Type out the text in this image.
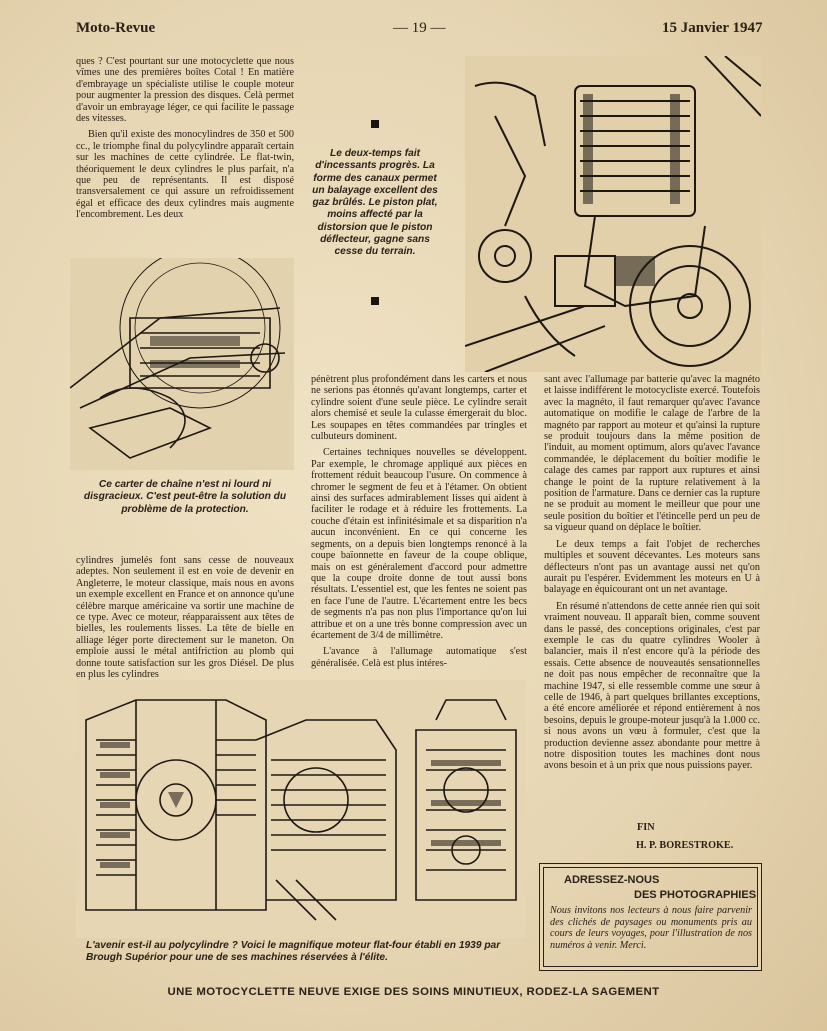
Moto-Revue	— 19 —	15 Janvier 1947

ques ? C'est pourtant sur une motocyclette que nous vîmes une des premières boîtes Cotal ! En matière d'embrayage un spécialiste utilise le couple moteur pour augmenter la pression des disques. Celà permet d'avoir un embrayage léger, ce qui facilite le passage des vitesses.

Bien qu'il existe des monocylindres de 350 et 500 cc., le triomphe final du polycylindre apparaît certain sur les machines de cette cylindrée. Le flat-twin, théoriquement le deux cylindres le plus parfait, n'a que peu de représentants. Il est disposé transversalement ce qui assure un refroidissement égal et efficace des deux cylindres mais augmente l'encombrement. Les deux

Le deux-temps fait d'incessants progrès. La forme des canaux permet un balayage excellent des gaz brûlés. Le piston plat, moins affecté par la distorsion que le piston déflecteur, gagne sans cesse du terrain.
Ce carter de chaîne n'est ni lourd ni disgracieux. C'est peut-être la solution du problème de la protection.

cylindres jumelés font sans cesse de nouveaux adeptes. Non seulement il est en voie de devenir en Angleterre, le moteur classique, mais nous en avons un exemple excellent en France et on annonce qu'une célèbre marque américaine va sortir une machine de ce type. Avec ce moteur, réapparaissent aux têtes de bielles, les roulements lisses. La tête de bielle en alliage léger porte directement sur le maneton. On emploie aussi le métal antifriction au plomb qui donne toute satisfaction sur les gros Diésel. De plus en plus les cylindres

pénètrent plus profondément dans les carters et nous ne serions pas étonnés qu'avant longtemps, carter et cylindre soient d'une seule pièce. Le cylindre serait alors chemisé et seule la culasse émergerait du bloc. Les soupapes en têtes commandées par tringles et culbuteurs dominent.

Certaines techniques nouvelles se développent. Par exemple, le chromage appliqué aux pièces en frottement réduit beaucoup l'usure. On commence à chromer le segment de feu et à l'étamer. On obtient ainsi des surfaces admirablement lisses qui aident à faciliter le rodage et à réduire les frottements. La couche d'étain est infinitésimale et sa disparition n'a aucun inconvénient. En ce qui concerne les segments, on a depuis bien longtemps renoncé à la coupe baïonnette en faveur de la coupe oblique, mais on est généralement d'accord pour admettre que la coupe droite donne de tout aussi bons résultats. L'essentiel est, que les fentes ne soient pas en face l'une de l'autre. L'écartement entre les becs de segments n'a pas non plus l'importance qu'on lui attribue et on a une très bonne compression avec un écartement de 3/4 de millimètre.

L'avance à l'allumage automatique s'est généralisée. Celà est plus intéres-

sant avec l'allumage par batterie qu'avec la magnéto et laisse indifférent le motocycliste exercé. Toutefois avec la magnéto, il faut remarquer qu'avec l'avance automatique on modifie le calage de l'arbre de la magnéto par rapport au moteur et qu'ainsi la rupture se produit toujours dans la même position de l'induit, au moment optimum, alors qu'avec l'avance commandée, le déplacement du boîtier modifie le calage des cames par rapport aux ruptures et ainsi change le point de la rupture relativement à la position de l'armature. Dans ce dernier cas la rupture ne se produit au moment le meilleur que pour une seule position du boîtier et l'étincelle perd un peu de sa vigueur quand on déplace le boîtier.

Le deux temps a fait l'objet de recherches multiples et souvent décevantes. Les moteurs sans déflecteurs n'ont pas un avantage aussi net qu'on aurait pu l'espérer. Evidemment les moteurs en U à balayage en équicourant ont un net avantage.

En résumé n'attendons de cette année rien qui soit vraiment nouveau. Il apparaît bien, comme souvent dans le passé, des conceptions originales, c'est par exemple le cas du quatre cylindres Wooler à balancier, mais il n'est encore qu'à la période des essais. Cette absence de nouveautés sensationnelles ne doit pas nous empêcher de reconnaître que la machine 1947, si elle ressemble comme une sœur à celle de 1946, à part quelques brillantes exceptions, a été encore améliorée et répond entièrement à nos besoins, depuis le groupe-moteur jusqu'à la 1.000 cc. si nous avons un vœu à formuler, c'est que la production devienne assez abondante pour mettre à notre disposition toutes les machines dont nous avons besoin et à un prix que nous puissions payer.

FIN
H. P. BORESTROKE.
ADRESSEZ-NOUS
DES PHOTOGRAPHIES
Nous invitons nos lecteurs à nous faire parvenir des clichés de paysages ou monuments pris au cours de leurs voyages, pour l'illustration de nos numéros à venir. Merci.
L'avenir est-il au polycylindre ? Voici le magnifique moteur flat-four établi en 1939 par Brough Supérior pour une de ses machines réservées à l'élite.
UNE MOTOCYCLETTE NEUVE EXIGE DES SOINS MINUTIEUX, RODEZ-LA SAGEMENT
